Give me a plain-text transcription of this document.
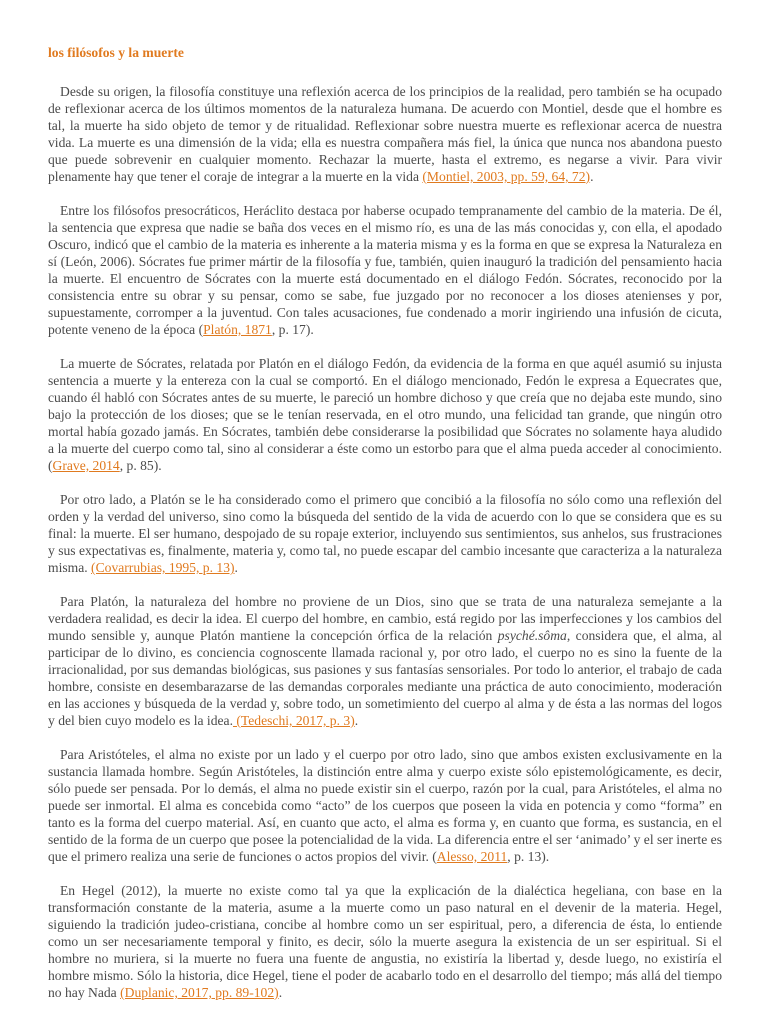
los filósofos y la muerte

Desde su origen, la filosofía constituye una reflexión acerca de los principios de la realidad, pero también se ha ocupado de reflexionar acerca de los últimos momentos de la naturaleza humana. De acuerdo con Montiel, desde que el hombre es tal, la muerte ha sido objeto de temor y de ritualidad. Reflexionar sobre nuestra muerte es reflexionar acerca de nuestra vida. La muerte es una dimensión de la vida; ella es nuestra compañera más fiel, la única que nunca nos abandona puesto que puede sobrevenir en cualquier momento. Rechazar la muerte, hasta el extremo, es negarse a vivir. Para vivir plenamente hay que tener el coraje de integrar a la muerte en la vida (Montiel, 2003, pp. 59, 64, 72).

Entre los filósofos presocráticos, Heráclito destaca por haberse ocupado tempranamente del cambio de la materia. De él, la sentencia que expresa que nadie se baña dos veces en el mismo río, es una de las más conocidas y, con ella, el apodado Oscuro, indicó que el cambio de la materia es inherente a la materia misma y es la forma en que se expresa la Naturaleza en sí (León, 2006). Sócrates fue primer mártir de la filosofía y fue, también, quien inauguró la tradición del pensamiento hacia la muerte. El encuentro de Sócrates con la muerte está documentado en el diálogo Fedón. Sócrates, reconocido por la consistencia entre su obrar y su pensar, como se sabe, fue juzgado por no reconocer a los dioses atenienses y por, supuestamente, corromper a la juventud. Con tales acusaciones, fue condenado a morir ingiriendo una infusión de cicuta, potente veneno de la época (Platón, 1871, p. 17).

La muerte de Sócrates, relatada por Platón en el diálogo Fedón, da evidencia de la forma en que aquél asumió su injusta sentencia a muerte y la entereza con la cual se comportó. En el diálogo mencionado, Fedón le expresa a Equecrates que, cuando él habló con Sócrates antes de su muerte, le pareció un hombre dichoso y que creía que no dejaba este mundo, sino bajo la protección de los dioses; que se le tenían reservada, en el otro mundo, una felicidad tan grande, que ningún otro mortal había gozado jamás. En Sócrates, también debe considerarse la posibilidad que Sócrates no solamente haya aludido a la muerte del cuerpo como tal, sino al considerar a éste como un estorbo para que el alma pueda acceder al conocimiento. (Grave, 2014, p. 85).

Por otro lado, a Platón se le ha considerado como el primero que concibió a la filosofía no sólo como una reflexión del orden y la verdad del universo, sino como la búsqueda del sentido de la vida de acuerdo con lo que se considera que es su final: la muerte. El ser humano, despojado de su ropaje exterior, incluyendo sus sentimientos, sus anhelos, sus frustraciones y sus expectativas es, finalmente, materia y, como tal, no puede escapar del cambio incesante que caracteriza a la naturaleza misma. (Covarrubias, 1995, p. 13).

Para Platón, la naturaleza del hombre no proviene de un Dios, sino que se trata de una naturaleza semejante a la verdadera realidad, es decir la idea. El cuerpo del hombre, en cambio, está regido por las imperfecciones y los cambios del mundo sensible y, aunque Platón mantiene la concepción órfica de la relación psyché.sôma, considera que, el alma, al participar de lo divino, es conciencia cognoscente llamada racional y, por otro lado, el cuerpo no es sino la fuente de la irracionalidad, por sus demandas biológicas, sus pasiones y sus fantasías sensoriales. Por todo lo anterior, el trabajo de cada hombre, consiste en desembarazarse de las demandas corporales mediante una práctica de auto conocimiento, moderación en las acciones y búsqueda de la verdad y, sobre todo, un sometimiento del cuerpo al alma y de ésta a las normas del logos y del bien cuyo modelo es la idea. (Tedeschi, 2017, p. 3).

Para Aristóteles, el alma no existe por un lado y el cuerpo por otro lado, sino que ambos existen exclusivamente en la sustancia llamada hombre. Según Aristóteles, la distinción entre alma y cuerpo existe sólo epistemológicamente, es decir, sólo puede ser pensada. Por lo demás, el alma no puede existir sin el cuerpo, razón por la cual, para Aristóteles, el alma no puede ser inmortal. El alma es concebida como “acto” de los cuerpos que poseen la vida en potencia y como “forma” en tanto es la forma del cuerpo material. Así, en cuanto que acto, el alma es forma y, en cuanto que forma, es sustancia, en el sentido de la forma de un cuerpo que posee la potencialidad de la vida. La diferencia entre el ser ‘animado’ y el ser inerte es que el primero realiza una serie de funciones o actos propios del vivir. (Alesso, 2011, p. 13).

En Hegel (2012), la muerte no existe como tal ya que la explicación de la dialéctica hegeliana, con base en la transformación constante de la materia, asume a la muerte como un paso natural en el devenir de la materia. Hegel, siguiendo la tradición judeo-cristiana, concibe al hombre como un ser espiritual, pero, a diferencia de ésta, lo entiende como un ser necesariamente temporal y finito, es decir, sólo la muerte asegura la existencia de un ser espiritual. Si el hombre no muriera, si la muerte no fuera una fuente de angustia, no existiría la libertad y, desde luego, no existiría el hombre mismo. Sólo la historia, dice Hegel, tiene el poder de acabarlo todo en el desarrollo del tiempo; más allá del tiempo no hay Nada (Duplanic, 2017, pp. 89-102).
